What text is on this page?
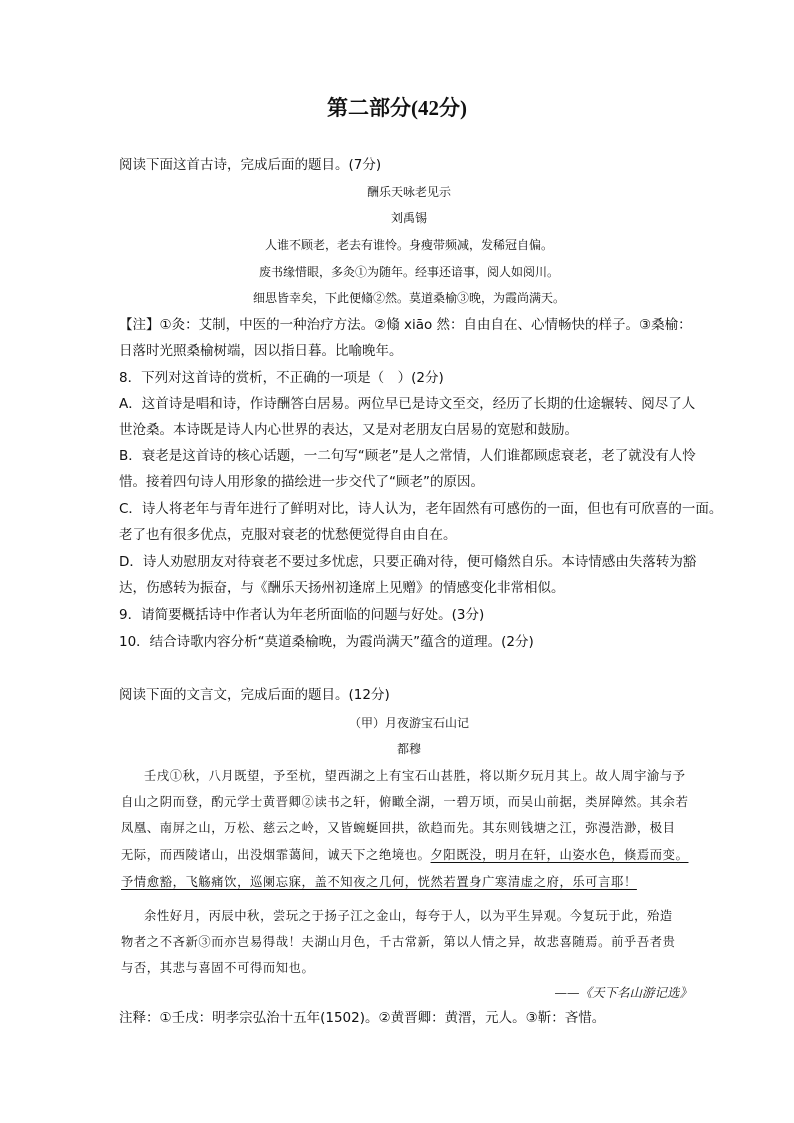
第二部分(42分)
阅读下面这首古诗，完成后面的题目。(7分)
酬乐天咏老见示
刘禹锡
人谁不顾老，老去有谁怜。身瘦带频减，发稀冠自偏。
废书缘惜眼，多灸①为随年。经事还谙事，阅人如阅川。
细思皆幸矣，下此便翛②然。莫道桑榆③晚，为霞尚满天。
【注】①灸：艾制，中医的一种治疗方法。②翛 xiāo 然：自由自在、心情畅快的样子。③桑榆：
日落时光照桑榆树端，因以指日暮。比喻晚年。
8．下列对这首诗的赏析，不正确的一项是（　）(2分)
A．这首诗是唱和诗，作诗酬答白居易。两位早已是诗文至交，经历了长期的仕途辗转、阅尽了人
世沧桑。本诗既是诗人内心世界的表达，又是对老朋友白居易的宽慰和鼓励。
B．衰老是这首诗的核心话题，一二句写“顾老”是人之常情，人们谁都顾虑衰老，老了就没有人怜
惜。接着四句诗人用形象的描绘进一步交代了“顾老”的原因。
C．诗人将老年与青年进行了鲜明对比，诗人认为，老年固然有可感伤的一面，但也有可欣喜的一面。
老了也有很多优点，克服对衰老的忧愁便觉得自由自在。
D．诗人劝慰朋友对待衰老不要过多忧虑，只要正确对待，便可翛然自乐。本诗情感由失落转为豁
达，伤感转为振奋，与《酬乐天扬州初逢席上见赠》的情感变化非常相似。
9．请简要概括诗中作者认为年老所面临的问题与好处。(3分)
10．结合诗歌内容分析“莫道桑榆晚，为霞尚满天”蕴含的道理。(2分)
阅读下面的文言文，完成后面的题目。(12分)
（甲）月夜游宝石山记
都穆
壬戌①秋，八月既望，予至杭，望西湖之上有宝石山甚胜，将以斯夕玩月其上。故人周宇渝与予
自山之阴而登，酌元学士黄晋卿②读书之轩，俯瞰全湖，一碧万顷，而吴山前据，类屏障然。其余若
凤凰、南屏之山，万松、慈云之岭，又皆蜿蜒回拱，欲趋而先。其东则钱塘之江，弥漫浩渺，极目
无际，而西陵诸山，出没烟霏蔼间，诚天下之绝境也。夕阳既没，明月在轩，山姿水色，倏焉而变。
予情愈豁，飞觞痛饮，巡阑忘寐，盖不知夜之几何，恍然若置身广寒清虚之府，乐可言耶！
余性好月，丙辰中秋，尝玩之于扬子江之金山，每夸于人，以为平生异观。今复玩于此，殆造
物者之不吝新③而亦岂易得哉！夫湖山月色，千古常新，第以人情之异，故悲喜随焉。前乎吾者贵
与否，其悲与喜固不可得而知也。
——《天下名山游记选》
注释：①壬戌：明孝宗弘治十五年(1502)。②黄晋卿：黄溍，元人。③靳：吝惜。
